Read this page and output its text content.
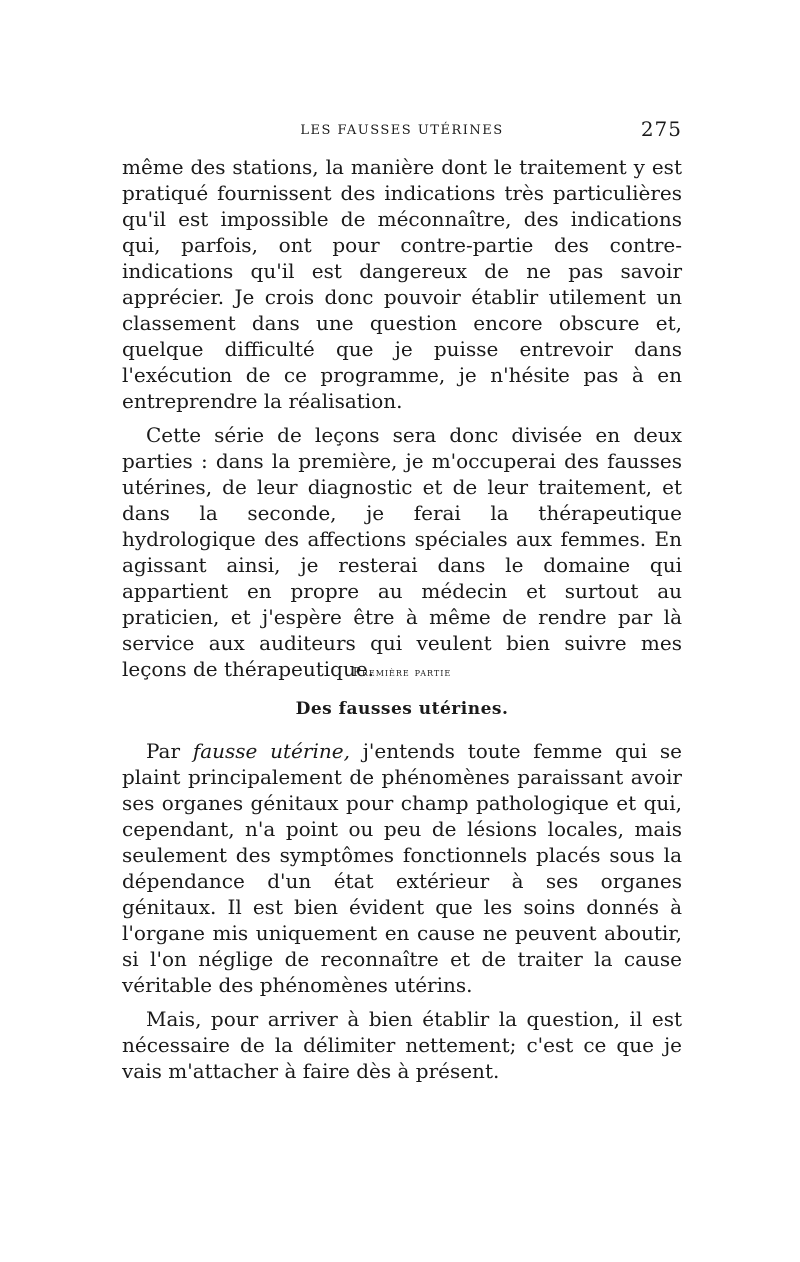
LES FAUSSES UTÉRINES	275

même des stations, la manière dont le traitement y est pratiqué fournissent des indications très particulières qu'il est impossible de méconnaître, des indications qui, parfois, ont pour contre-partie des contre-indications qu'il est dangereux de ne pas savoir apprécier. Je crois donc pouvoir établir utilement un classement dans une question encore obscure et, quelque difficulté que je puisse entrevoir dans l'exécution de ce programme, je n'hésite pas à en entreprendre la réalisation.

Cette série de leçons sera donc divisée en deux parties : dans la première, je m'occuperai des fausses utérines, de leur diagnostic et de leur traitement, et dans la seconde, je ferai la thérapeutique hydrologique des affections spéciales aux femmes. En agissant ainsi, je resterai dans le domaine qui appartient en propre au médecin et surtout au praticien, et j'espère être à même de rendre par là service aux auditeurs qui veulent bien suivre mes leçons de thérapeutique.

Première partie
Des fausses utérines.

Par fausse utérine, j'entends toute femme qui se plaint principalement de phénomènes paraissant avoir ses organes génitaux pour champ pathologique et qui, cependant, n'a point ou peu de lésions locales, mais seulement des symptômes fonctionnels placés sous la dépendance d'un état extérieur à ses organes génitaux. Il est bien évident que les soins donnés à l'organe mis uniquement en cause ne peuvent aboutir, si l'on néglige de reconnaître et de traiter la cause véritable des phénomènes utérins.

Mais, pour arriver à bien établir la question, il est nécessaire de la délimiter nettement; c'est ce que je vais m'attacher à faire dès à présent.
